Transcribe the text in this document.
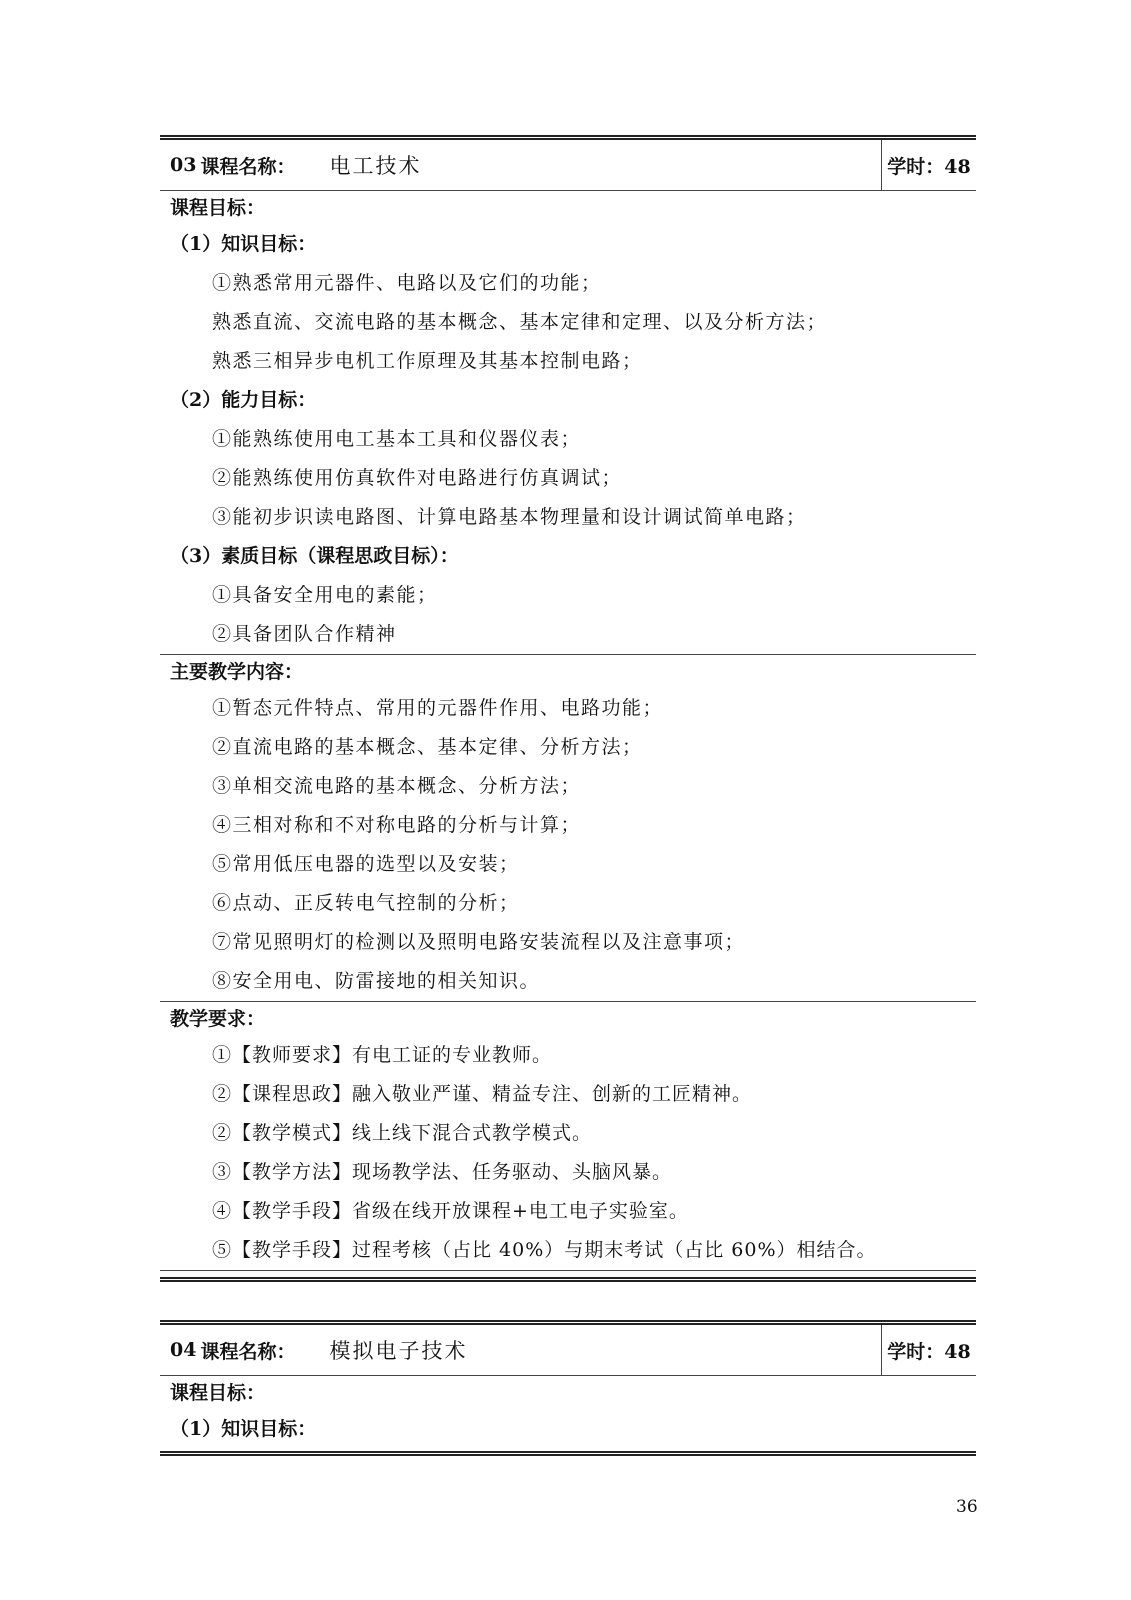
03 课程名称： 电工技术	学时：48
课程目标：
（1）知识目标：
①熟悉常用元器件、电路以及它们的功能；
熟悉直流、交流电路的基本概念、基本定律和定理、以及分析方法；
熟悉三相异步电机工作原理及其基本控制电路；
（2）能力目标：
①能熟练使用电工基本工具和仪器仪表；
②能熟练使用仿真软件对电路进行仿真调试；
③能初步识读电路图、计算电路基本物理量和设计调试简单电路；
（3）素质目标（课程思政目标）：
①具备安全用电的素能；
②具备团队合作精神
主要教学内容：
①暂态元件特点、常用的元器件作用、电路功能；
②直流电路的基本概念、基本定律、分析方法；
③单相交流电路的基本概念、分析方法；
④三相对称和不对称电路的分析与计算；
⑤常用低压电器的选型以及安装；
⑥点动、正反转电气控制的分析；
⑦常见照明灯的检测以及照明电路安装流程以及注意事项；
⑧安全用电、防雷接地的相关知识。
教学要求：
①【教师要求】有电工证的专业教师。
②【课程思政】融入敬业严谨、精益专注、创新的工匠精神。
②【教学模式】线上线下混合式教学模式。
③【教学方法】现场教学法、任务驱动、头脑风暴。
④【教学手段】省级在线开放课程+电工电子实验室。
⑤【教学手段】过程考核（占比 40%）与期末考试（占比 60%）相结合。
04 课程名称： 模拟电子技术	学时：48
课程目标：
（1）知识目标：
36
